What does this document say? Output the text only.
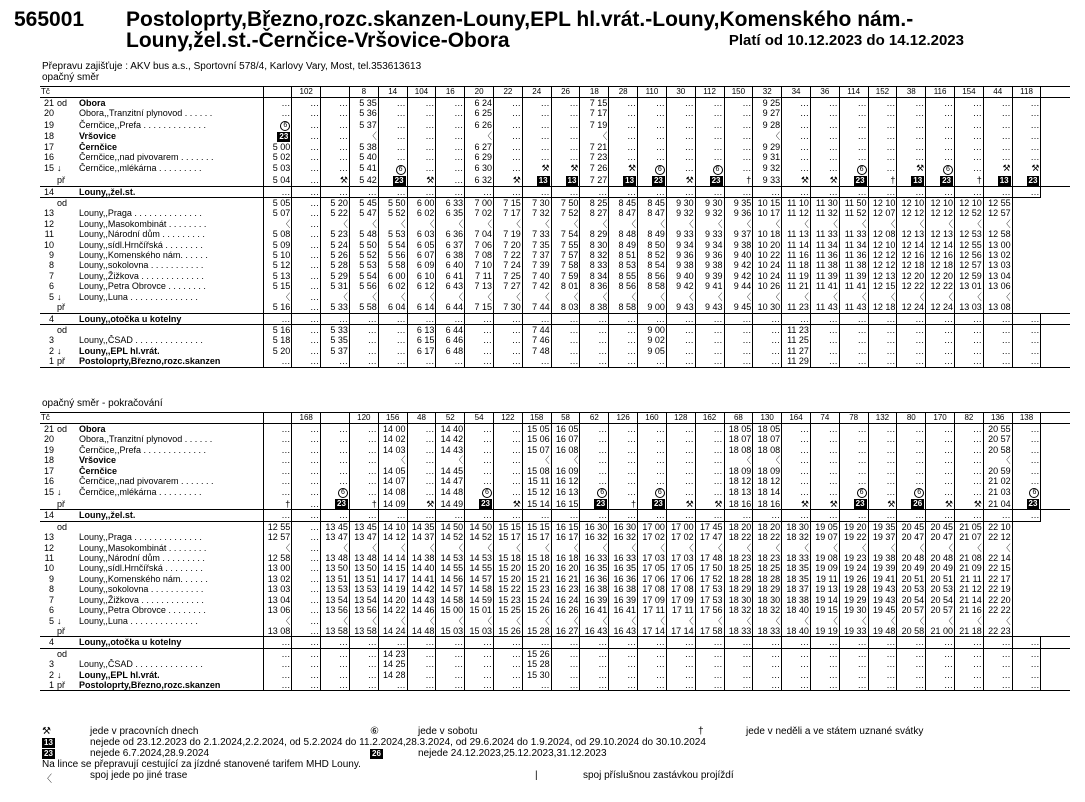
565001 Postoloprty,Březno,rozc.skanzen-Louny,EPL hl.vrát.-Louny,Komenského nám.-
Louny,žel.st.-Černčice-Vršovice-Obora	Platí od 10.12.2023 do 14.12.2023
Přepravu zajišťuje : AKV bus a.s., Sportovní 578/4, Karlovy Vary, Most, tel.353613613
opačný směr
Tč				102		8	14	104	16	20	22	24	26	18	28	110	30	112	150	32	34	36	114	152	38	116	154	44	118	
21	od	Obora	…	…	…	5 35	…	…	…	6 24	…	…	…	7 15	…	…	…	…	…	9 25	…	…	…	…	…	…	…	…	…	
20		Obora,,Tranzitní plynovod . . . . . .	…	…	…	5 36	…	…	…	6 25	…	…	…	7 17	…	…	…	…	…	9 27	…	…	…	…	…	…	…	…	…	
19		Černčice,,Prefa . . . . . . . . . . . . .	6	…	…	5 37	…	…	…	6 26	…	…	…	7 19	…	…	…	…	…	9 28	…	…	…	…	…	…	…	…	…	
18		Vršovice	23	…	…	〈	…	…	…	〈	…	…	…	〈	…	…	…	…	…	〈	…	…	…	…	…	…	…	…	…	
17		Černčice	5 00	…	…	5 38	…	…	…	6 27	…	…	…	7 21	…	…	…	…	…	9 29	…	…	…	…	…	…	…	…	…	
16		Černčice,,nad pivovarem . . . . . . .	5 02	…	…	5 40	…	…	…	6 29	…	…	…	7 23	…	…	…	…	…	9 31	…	…	…	…	…	…	…	…	…	
15	↓	Černčice,,mlékárna . . . . . . . . .	5 03	…	…	5 41	6	…	…	6 30	…	⚒	⚒	7 26	⚒	6	…	6	…	9 32	…	…	6	…	⚒	6	…	⚒	⚒	
	př		5 04	…	⚒	5 42	23	⚒	…	6 32	⚒	13	13	7 27	13	23	⚒	23	†	9 33	⚒	⚒	23	†	13	23	†	13	23	
14		Louny,,žel.st.	…	…	…	…	…	…	…	…	…	…	…	…	…	…	…	…	…	…	…	…	…	…	…	…	…	…	…	
	od		5 05	…	5 20	5 45	5 50	6 00	6 33	7 00	7 15	7 30	7 50	8 25	8 45	8 45	9 30	9 30	9 35	10 15	11 10	11 30	11 50	12 10	12 10	12 10	12 10	12 55		
13		Louny,,Praga . . . . . . . . . . . . . .	5 07	…	5 22	5 47	5 52	6 02	6 35	7 02	7 17	7 32	7 52	8 27	8 47	8 47	9 32	9 32	9 36	10 17	11 12	11 32	11 52	12 07	12 12	12 12	12 52	12 57		
12		Louny,,Masokombinát . . . . . . . .	〈	…	〈	〈	〈	〈	〈	〈	〈	〈	〈	〈	〈	〈	〈	〈	〈	〈	〈	〈	〈	〈	〈	〈	〈	〈		
11		Louny,,Národní dům . . . . . . . . .	5 08	…	5 23	5 48	5 53	6 03	6 36	7 04	7 19	7 33	7 54	8 29	8 48	8 49	9 33	9 33	9 37	10 18	11 13	11 33	11 33	12 08	12 13	12 13	12 53	12 58		
10		Louny,,sídl.Hrnčířská . . . . . . . .	5 09	…	5 24	5 50	5 54	6 05	6 37	7 06	7 20	7 35	7 55	8 30	8 49	8 50	9 34	9 34	9 38	10 20	11 14	11 34	11 34	12 10	12 14	12 14	12 55	13 00		
9		Louny,,Komenského nám. . . . . .	5 10	…	5 26	5 52	5 56	6 07	6 38	7 08	7 22	7 37	7 57	8 32	8 51	8 52	9 36	9 36	9 40	10 22	11 16	11 36	11 36	12 12	12 16	12 16	12 56	13 02		
8		Louny,,sokolovna . . . . . . . . . . .	5 12	…	5 28	5 53	5 58	6 09	6 40	7 10	7 24	7 39	7 58	8 33	8 53	8 54	9 38	9 38	9 42	10 24	11 18	11 38	11 38	12 12	12 18	12 18	12 57	13 03		
7		Louny,,Žižkova . . . . . . . . . . . . .	5 13	…	5 29	5 54	6 00	6 10	6 41	7 11	7 25	7 40	7 59	8 34	8 55	8 56	9 40	9 39	9 42	10 24	11 19	11 39	11 39	12 13	12 20	12 20	12 59	13 04		
6		Louny,,Petra Obrovce . . . . . . . .	5 15	…	5 31	5 56	6 02	6 12	6 43	7 13	7 27	7 42	8 01	8 36	8 56	8 58	9 42	9 41	9 44	10 26	11 21	11 41	11 41	12 15	12 22	12 22	13 01	13 06		
5	↓	Louny,,Luna . . . . . . . . . . . . . .	〈	…	〈	〈	〈	〈	〈	〈	〈	〈	〈	〈	〈	〈	〈	〈	〈	〈	〈	〈	〈	〈	〈	〈	〈	〈		
	př		5 16	…	5 33	5 58	6 04	6 14	6 44	7 15	7 30	7 44	8 03	8 38	8 58	9 00	9 43	9 43	9 45	10 30	11 23	11 43	11 43	12 18	12 24	12 24	13 03	13 08		
4		Louny,,otočka u kotelny	…	…	…	…	…	…	…	…	…	…	…	…	…	…	…	…	…	…	…	…	…	…	…	…	…	…	…	
	od		5 16	…	5 33	…	…	6 13	6 44	…	…	7 44	…	…	…	9 00	…	…	…	…	11 23	…	…	…	…	…	…	…	…	
3		Louny,,ČSAD . . . . . . . . . . . . . .	5 18	…	5 35	…	…	6 15	6 46	…	…	7 46	…	…	…	9 02	…	…	…	…	11 25	…	…	…	…	…	…	…	…	
2	↓	Louny,,EPL hl.vrát.	5 20	…	5 37	…	…	6 17	6 48	…	…	7 48	…	…	…	9 05	…	…	…	…	11 27	…	…	…	…	…	…	…	…	
1	př	Postoloprty,Březno,rozc.skanzen	…	…	…	…	…	…	…	…	…	…	…	…	…	…	…	…	…	…	11 29	…	…	…	…	…	…	…	…	
opačný směr - pokračování
Tč				168		120	156	48	52	54	122	158	58	62	126	160	128	162	68	130	164	74	78	132	80	170	82	136	138	
21	od	Obora	…	…	…	…	14 00	…	14 40	…	…	15 05	16 05	…	…	…	…	…	18 05	18 05	…	…	…	…	…	…	…	20 55	…	
20		Obora,,Tranzitní plynovod . . . . . .	…	…	…	…	14 02	…	14 42	…	…	15 06	16 07	…	…	…	…	…	18 07	18 07	…	…	…	…	…	…	…	20 57	…	
19		Černčice,,Prefa . . . . . . . . . . . . .	…	…	…	…	14 03	…	14 43	…	…	15 07	16 08	…	…	…	…	…	18 08	18 08	…	…	…	…	…	…	…	20 58	…	
18		Vršovice	…	…	…	…	〈	…	〈	…	…	〈	〈	…	…	…	…	…	〈	〈	…	…	…	…	…	…	…	〈	…	
17		Černčice	…	…	…	…	14 05	…	14 45	…	…	15 08	16 09	…	…	…	…	…	18 09	18 09	…	…	…	…	…	…	…	20 59	…	
16		Černčice,,nad pivovarem . . . . . . .	…	…	…	…	14 07	…	14 47	…	…	15 11	16 12	…	…	…	…	…	18 12	18 12	…	…	…	…	…	…	…	21 02	…	
15	↓	Černčice,,mlékárna . . . . . . . . .	…	…	6	…	14 08	…	14 48	6	…	15 12	16 13	6	…	6	…	…	18 13	18 14	…	…	6	…	6	…	…	21 03	6	
	př		†	…	23	†	14 09	⚒	14 49	23	⚒	15 14	16 15	23	†	23	⚒	⚒	18 16	18 16	⚒	⚒	23	⚒	26	⚒	⚒	21 04	23	
14		Louny,,žel.st.	…	…	…	…	…	…	…	…	…	…	…	…	…	…	…	…	…	…	…	…	…	…	…	…	…	…	…	
	od		12 55	…	13 45	13 45	14 10	14 35	14 50	14 50	15 15	15 15	16 15	16 30	16 30	17 00	17 00	17 45	18 20	18 20	18 30	19 05	19 20	19 35	20 45	20 45	21 05	22 10		
13		Louny,,Praga . . . . . . . . . . . . . .	12 57	…	13 47	13 47	14 12	14 37	14 52	14 52	15 17	15 17	16 17	16 32	16 32	17 02	17 02	17 47	18 22	18 22	18 32	19 07	19 22	19 37	20 47	20 47	21 07	22 12		
12		Louny,,Masokombinát . . . . . . . .	〈	…	〈	〈	〈	〈	〈	〈	〈	〈	〈	〈	〈	〈	〈	〈	〈	〈	〈	〈	〈	〈	〈	〈	〈	〈		
11		Louny,,Národní dům . . . . . . . . .	12 58	…	13 48	13 48	14 14	14 38	14 53	14 53	15 18	15 18	16 18	16 33	16 33	17 03	17 03	17 48	18 23	18 23	18 33	19 08	19 23	19 38	20 48	20 48	21 08	22 14		
10		Louny,,sídl.Hrnčířská . . . . . . . .	13 00	…	13 50	13 50	14 15	14 40	14 55	14 55	15 20	15 20	16 20	16 35	16 35	17 05	17 05	17 50	18 25	18 25	18 35	19 09	19 24	19 39	20 49	20 49	21 09	22 15		
9		Louny,,Komenského nám. . . . . .	13 02	…	13 51	13 51	14 17	14 41	14 56	14 57	15 20	15 21	16 21	16 36	16 36	17 06	17 06	17 52	18 28	18 28	18 35	19 11	19 26	19 41	20 51	20 51	21 11	22 17		
8		Louny,,sokolovna . . . . . . . . . . .	13 03	…	13 53	13 53	14 19	14 42	14 57	14 58	15 22	15 23	16 23	16 38	16 38	17 08	17 08	17 53	18 29	18 29	18 37	19 13	19 28	19 43	20 53	20 53	21 12	22 19		
7		Louny,,Žižkova . . . . . . . . . . . . .	13 04	…	13 54	13 54	14 20	14 43	14 58	14 59	15 23	15 24	16 24	16 39	16 39	17 09	17 09	17 53	18 30	18 30	18 38	19 14	19 29	19 43	20 54	20 54	21 14	22 20		
6		Louny,,Petra Obrovce . . . . . . . .	13 06	…	13 56	13 56	14 22	14 46	15 00	15 01	15 25	15 26	16 26	16 41	16 41	17 11	17 11	17 56	18 32	18 32	18 40	19 15	19 30	19 45	20 57	20 57	21 16	22 22		
5	↓	Louny,,Luna . . . . . . . . . . . . . .	〈	…	〈	〈	〈	〈	〈	〈	〈	〈	〈	〈	〈	〈	〈	〈	〈	〈	〈	〈	〈	〈	〈	〈	〈	〈		
	př		13 08	…	13 58	13 58	14 24	14 48	15 03	15 03	15 26	15 28	16 27	16 43	16 43	17 14	17 14	17 58	18 33	18 33	18 40	19 19	19 33	19 48	20 58	21 00	21 18	22 23		
4		Louny,,otočka u kotelny	…	…	…	…	…	…	…	…	…	…	…	…	…	…	…	…	…	…	…	…	…	…	…	…	…	…	…	
	od		…	…	…	…	14 23	…	…	…	…	15 26	…	…	…	…	…	…	…	…	…	…	…	…	…	…	…	…	…	
3		Louny,,ČSAD . . . . . . . . . . . . . .	…	…	…	…	14 25	…	…	…	…	15 28	…	…	…	…	…	…	…	…	…	…	…	…	…	…	…	…	…	
2	↓	Louny,,EPL hl.vrát.	…	…	…	…	14 28	…	…	…	…	15 30	…	…	…	…	…	…	…	…	…	…	…	…	…	…	…	…	…	
1	př	Postoloprty,Březno,rozc.skanzen	…	…	…	…	…	…	…	…	…	…	…	…	…	…	…	…	…	…	…	…	…	…	…	…	…	…	…	
⚒	jede v pracovních dnech	⑥	jede v sobotu	†	jede v neděli a ve státem uznané svátky
13	nejede od 23.12.2023 do 2.1.2024,2.2.2024, od 5.2.2024 do 11.2.2024,28.3.2024, od 29.6.2024 do 1.9.2024, od 29.10.2024 do 30.10.2024
23	nejede 6.7.2024,28.9.2024	26	nejede 24.12.2023,25.12.2023,31.12.2023
Na lince se přepravují cestující za jízdné stanovené tarifem MHD Louny.
〈	spoj jede po jiné trase	|	spoj příslušnou zastávkou projíždí
